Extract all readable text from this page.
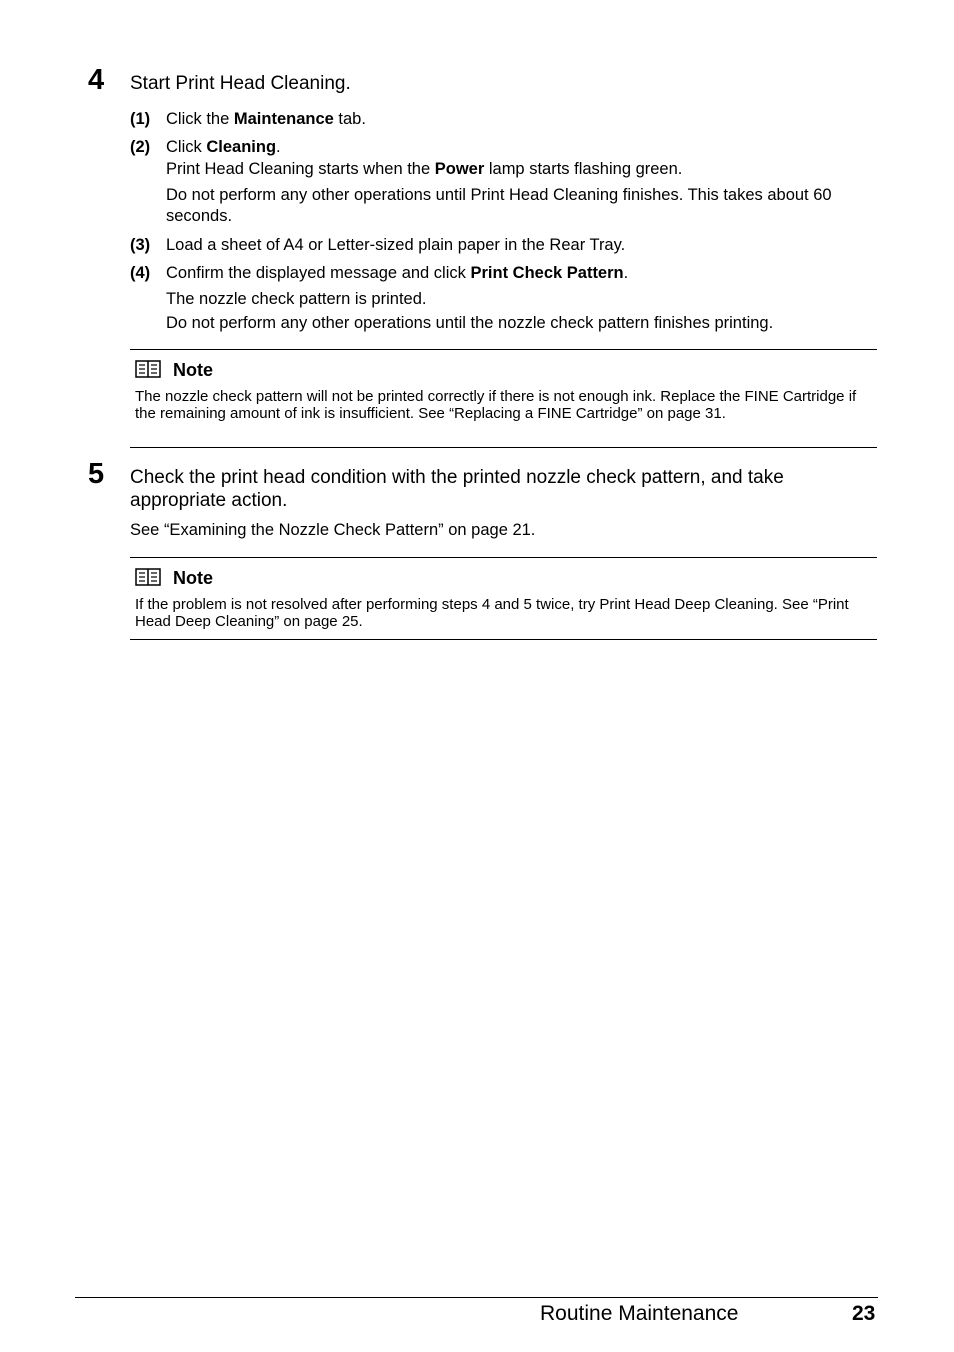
4 Start Print Head Cleaning.
(1) Click the Maintenance tab.
(2) Click Cleaning.
Print Head Cleaning starts when the Power lamp starts flashing green.
Do not perform any other operations until Print Head Cleaning finishes. This takes about 60 seconds.
(3) Load a sheet of A4 or Letter-sized plain paper in the Rear Tray.
(4) Confirm the displayed message and click Print Check Pattern.
The nozzle check pattern is printed.
Do not perform any other operations until the nozzle check pattern finishes printing.
Note
The nozzle check pattern will not be printed correctly if there is not enough ink. Replace the FINE Cartridge if the remaining amount of ink is insufficient. See “Replacing a FINE Cartridge” on page 31.
5 Check the print head condition with the printed nozzle check pattern, and take appropriate action.
See “Examining the Nozzle Check Pattern” on page 21.
Note
If the problem is not resolved after performing steps 4 and 5 twice, try Print Head Deep Cleaning. See “Print Head Deep Cleaning” on page 25.
Routine Maintenance	23
